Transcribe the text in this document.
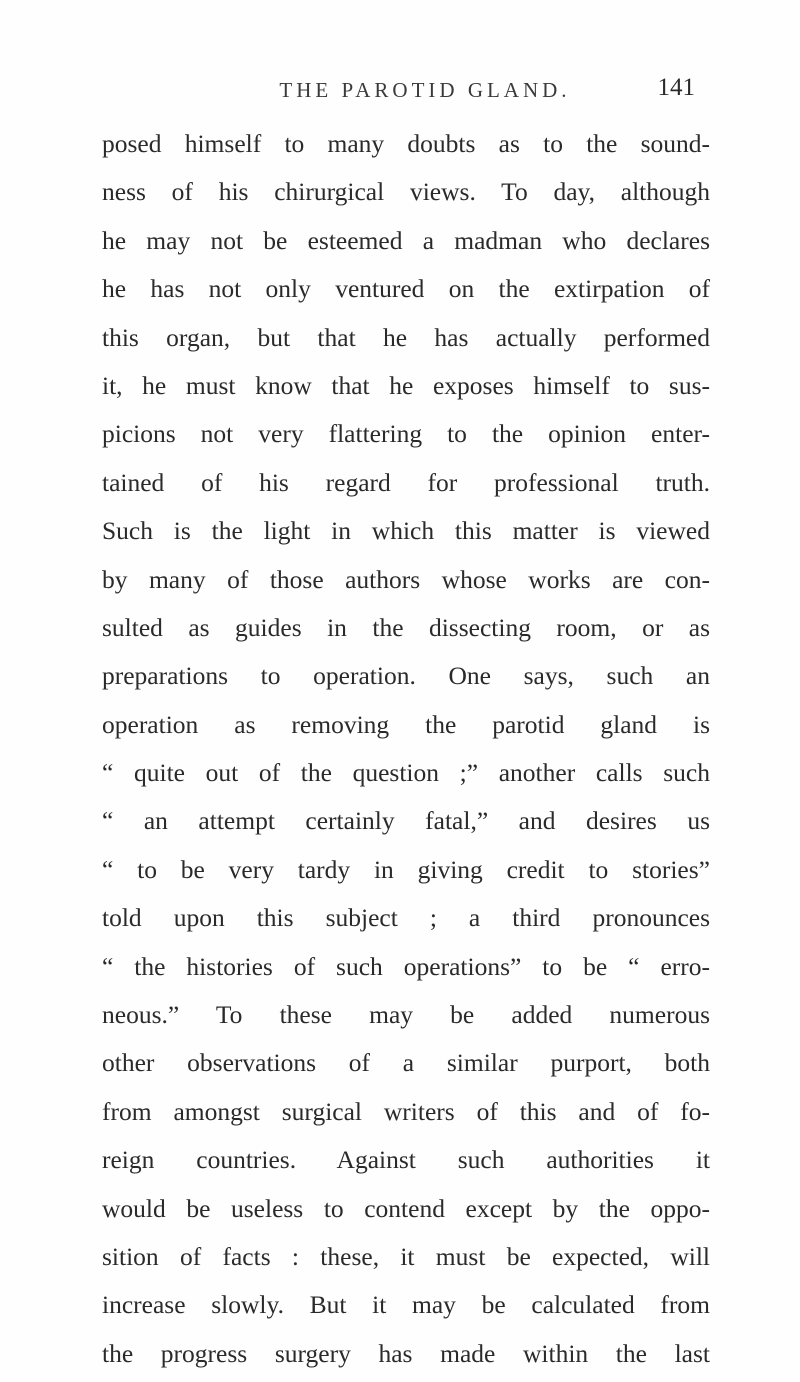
THE PAROTID GLAND.	141
posed himself to many doubts as to the sound-
ness of his chirurgical views. To day, although
he may not be esteemed a madman who declares
he has not only ventured on the extirpation of
this organ, but that he has actually performed
it, he must know that he exposes himself to sus-
picions not very flattering to the opinion enter-
tained of his regard for professional truth.
Such is the light in which this matter is viewed
by many of those authors whose works are con-
sulted as guides in the dissecting room, or as
preparations to operation. One says, such an
operation as removing the parotid gland is
“ quite out of the question ;” another calls such
“ an attempt certainly fatal,” and desires us
“ to be very tardy in giving credit to stories”
told upon this subject ; a third pronounces
“ the histories of such operations” to be “ erro-
neous.” To these may be added numerous
other observations of a similar purport, both
from amongst surgical writers of this and of fo-
reign countries. Against such authorities it
would be useless to contend except by the oppo-
sition of facts : these, it must be expected, will
increase slowly. But it may be calculated from
the progress surgery has made within the last
